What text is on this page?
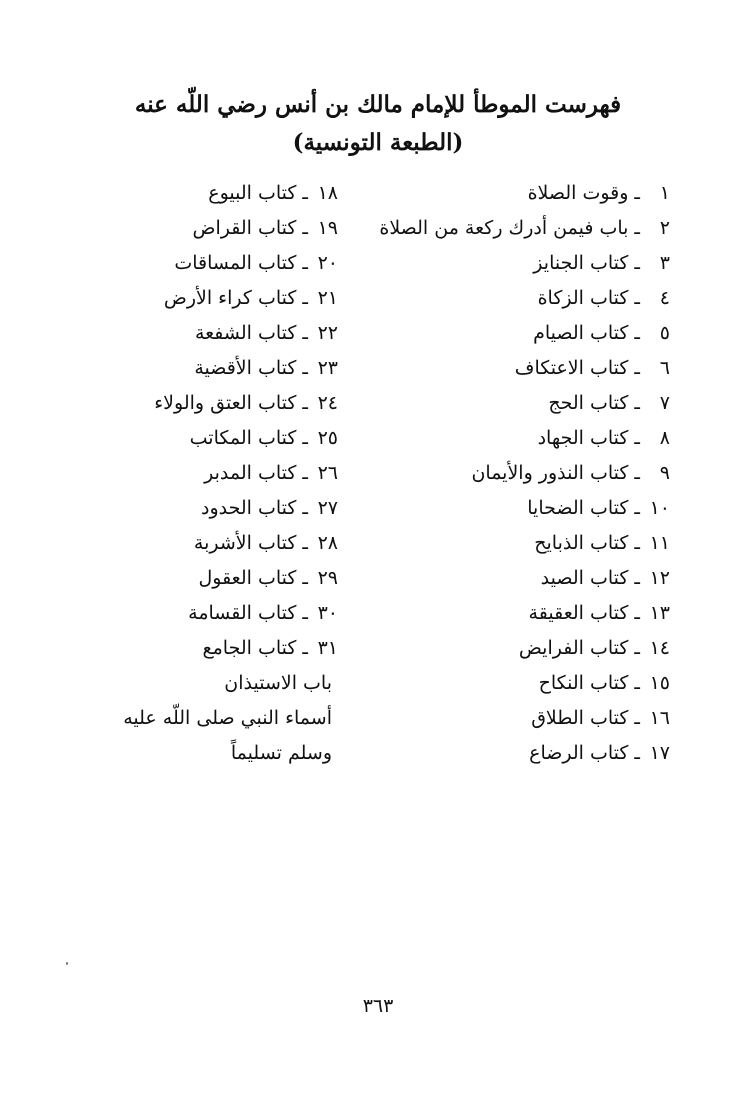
فهرست الموطأ للإمام مالك بن أنس رضي اللّه عنه
(الطبعة التونسية)
١ـوقوت الصلاة
٢ـباب فيمن أدرك ركعة من الصلاة
٣ـكتاب الجنايز
٤ـكتاب الزكاة
٥ـكتاب الصيام
٦ـكتاب الاعتكاف
٧ـكتاب الحج
٨ـكتاب الجهاد
٩ـكتاب النذور والأيمان
١٠ـكتاب الضحايا
١١ـكتاب الذبايح
١٢ـكتاب الصيد
١٣ـكتاب العقيقة
١٤ـكتاب الفرايض
١٥ـكتاب النكاح
١٦ـكتاب الطلاق
١٧ـكتاب الرضاع
١٨ـكتاب البيوع
١٩ـكتاب القراض
٢٠ـكتاب المساقات
٢١ـكتاب كراء الأرض
٢٢ـكتاب الشفعة
٢٣ـكتاب الأقضية
٢٤ـكتاب العتق والولاء
٢٥ـكتاب المكاتب
٢٦ـكتاب المدبر
٢٧ـكتاب الحدود
٢٨ـكتاب الأشربة
٢٩ـكتاب العقول
٣٠ـكتاب القسامة
٣١ـكتاب الجامع
باب الاستيذان
أسماء النبي صلى اللّه عليه
وسلم تسليماً
٣٦٣
